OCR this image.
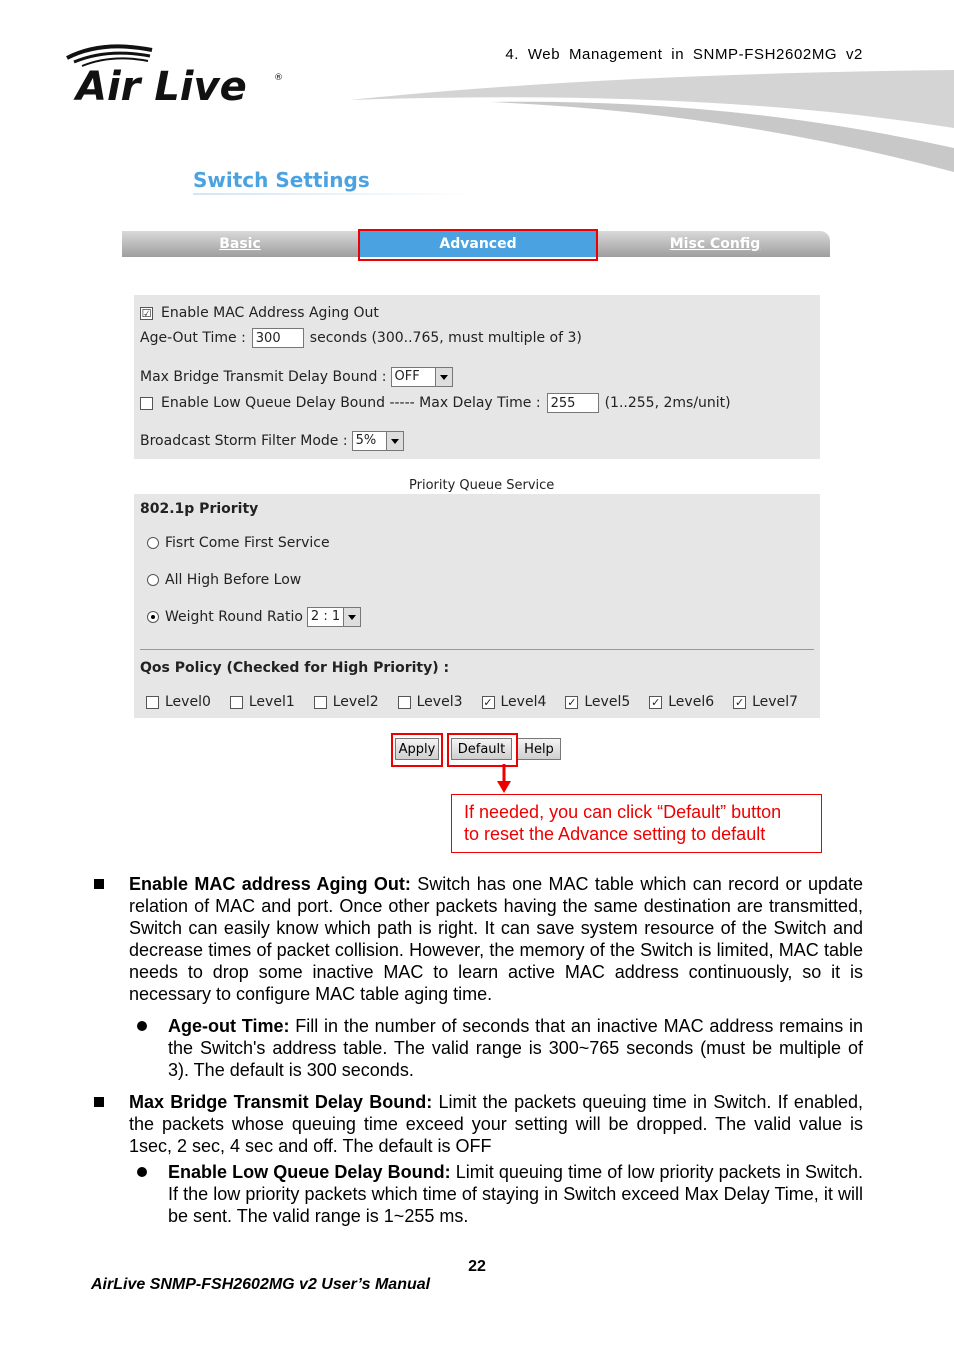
Air Live	®
4. Web Management in SNMP-FSH2602MG v2
Switch Settings
Basic	Advanced	Misc Config
☑ Enable MAC Address Aging Out
Age-Out Time : 300	seconds (300..765, must multiple of 3)
Max Bridge Transmit Delay Bound : OFF
Enable Low Queue Delay Bound ----- Max Delay Time : 255	(1..255, 2ms/unit)
Broadcast Storm Filter Mode : 5%
Priority Queue Service
802.1p Priority
Fisrt Come First Service
All High Before Low
Weight Round Ratio 2 : 1
Qos Policy (Checked for High Priority) :
Level0	Level1	Level2	Level3 ✓ Level4 ✓ Level5 ✓ Level6 ✓ Level7
Apply	Default	Help
If needed, you can click “Default” button
to reset the Advance setting to default
Enable MAC address Aging Out: Switch has one MAC table which can record or update relation of MAC and port. Once other packets having the same destination are transmitted, Switch can easily know which path is right. It can save system resource of the Switch and decrease times of packet collision. However, the memory of the Switch is limited, MAC table needs to drop some inactive MAC to learn active MAC address continuously, so it is necessary to configure MAC table aging time.
Age-out Time: Fill in the number of seconds that an inactive MAC address remains in the Switch's address table. The valid range is 300~765 seconds (must be multiple of 3). The default is 300 seconds.
Max Bridge Transmit Delay Bound: Limit the packets queuing time in Switch. If enabled, the packets whose queuing time exceed your setting will be dropped. The valid value is 1sec, 2 sec, 4 sec and off. The default is OFF
Enable Low Queue Delay Bound: Limit queuing time of low priority packets in Switch. If the low priority packets which time of staying in Switch exceed Max Delay Time, it will be sent. The valid range is 1~255 ms.
22
AirLive SNMP-FSH2602MG v2 User’s Manual
